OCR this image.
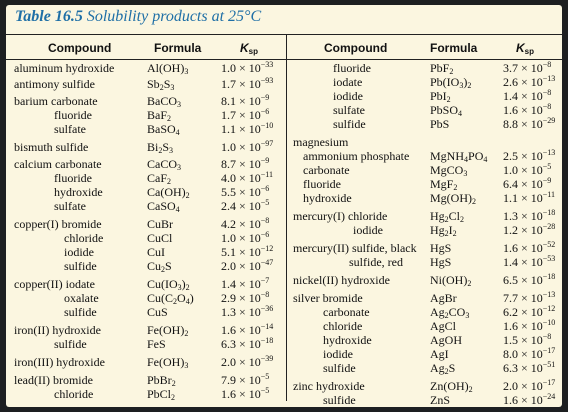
Table 16.5 Solubility products at 25°C
Compound	Formula	$K_{sp}$	Compound	Formula	$K_{sp}$
aluminum hydroxide	$Al(OH)_3$	$1.0 \times 10^{-33}$
antimony sulfide	$Sb_2S_3$	$1.7 \times 10^{-93}$
barium carbonate	BaCO$_3$	$8.1 \times 10^{-9}$
fluoride	BaF$_2$	$1.7 \times 10^{-6}$
sulfate	BaSO$_4$	$1.1 \times 10^{-10}$
bismuth sulfide	$Bi_2S_3$	$1.0 \times 10^{-97}$
calcium carbonate	CaCO$_3$	$8.7 \times 10^{-9}$
fluoride	CaF$_2$	$4.0 \times 10^{-11}$
hydroxide	$Ca(OH)_2$	$5.5 \times 10^{-6}$
sulfate	CaSO$_4$	$2.4 \times 10^{-5}$
copper(I) bromide	CuBr	$4.2 \times 10^{-8}$
chloride	CuCl	$1.0 \times 10^{-6}$
iodide	CuI	$5.1 \times 10^{-12}$
sulfide	$Cu_2S$	$2.0 \times 10^{-47}$
copper(II) iodate	$Cu(IO_3)_2$	$1.4 \times 10^{-7}$
oxalate	$Cu(C_2O_4) 2.9 \times 10^{-8}$
sulfide	CuS	$1.3 \times 10^{-36}$
iron(II) hydroxide	$Fe(OH)_2$	$1.6 \times 10^{-14}$
sulfide	FeS	$6.3 \times 10^{-18}$
iron(III) hydroxide	$Fe(OH)_3$	$2.0 \times 10^{-39}$
lead(II) bromide	PbBr$_2$	$7.9 \times 10^{-5}$
chloride	PbCl$_2$	$1.6 \times 10^{-5}$
fluoride	PbF$_2$	$3.7 \times 10^{-8}$
iodate	$Pb(IO_3)_2$	$2.6 \times 10^{-13}$
iodide	PbI$_2$	$1.4 \times 10^{-8}$
sulfate	PbSO$_4$	$1.6 \times 10^{-8}$
sulfide	PbS	$8.8 \times 10^{-29}$
magnesium
ammonium phosphate $MgNH_4PO_4$ $2.5 \times 10^{-13}$
carbonate	MgCO$_3$	$1.0 \times 10^{-5}$
fluoride	MgF$_2$	$6.4 \times 10^{-9}$
hydroxide	$Mg(OH)_2$ $1.1 \times 10^{-11}$
mercury(I) chloride	$Hg_2Cl_2$	$1.3 \times 10^{-18}$
iodide	$Hg_2I_2$	$1.2 \times 10^{-28}$
mercury(II) sulfide, black HgS	$1.6 \times 10^{-52}$
sulfide, red HgS	$1.4 \times 10^{-53}$
nickel(II) hydroxide	$Ni(OH)_2$	$6.5 \times 10^{-18}$
silver bromide	AgBr	$7.7 \times 10^{-13}$
carbonate	$Ag_2CO_3$	$6.2 \times 10^{-12}$
chloride	AgCl	$1.6 \times 10^{-10}$
hydroxide	AgOH	$1.5 \times 10^{-8}$
iodide	AgI	$8.0 \times 10^{-17}$
sulfide	$Ag_2S$	$6.3 \times 10^{-51}$
zinc hydroxide	$Zn(OH)_2$	$2.0 \times 10^{-17}$
sulfide	ZnS	$1.6 \times 10^{-24}$
